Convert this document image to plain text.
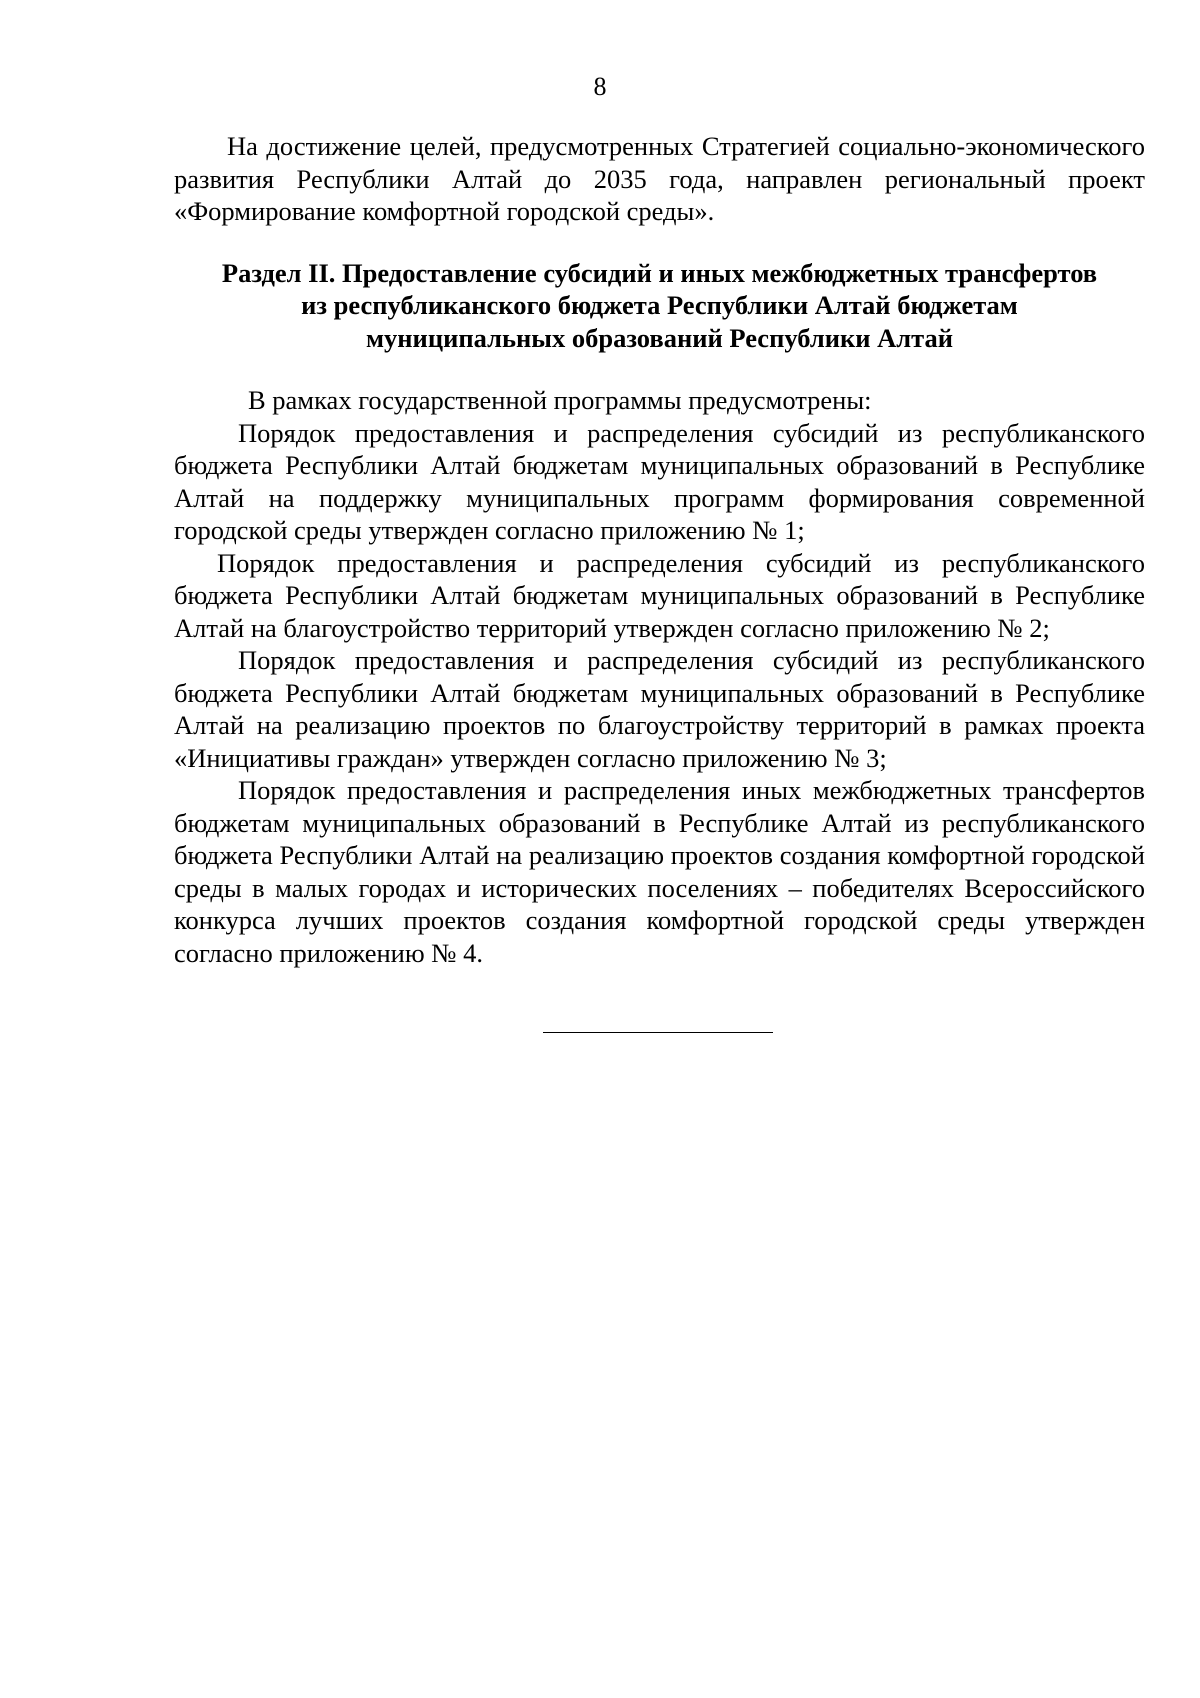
8

На достижение целей, предусмотренных Стратегией социально-экономического развития Республики Алтай до 2035 года, направлен региональный проект «Формирование комфортной городской среды».

Раздел II. Предоставление субсидий и иных межбюджетных трансфертов
из республиканского бюджета Республики Алтай бюджетам
муниципальных образований Республики Алтай

В рамках государственной программы предусмотрены:

Порядок предоставления и распределения субсидий из республиканского бюджета Республики Алтай бюджетам муниципальных образований в Республике Алтай на поддержку муниципальных программ формирования современной городской среды утвержден согласно приложению № 1;

Порядок предоставления и распределения субсидий из республиканского бюджета Республики Алтай бюджетам муниципальных образований в Республике Алтай на благоустройство территорий утвержден согласно приложению № 2;

Порядок предоставления и распределения субсидий из республиканского бюджета Республики Алтай бюджетам муниципальных образований в Республике Алтай на реализацию проектов по благоустройству территорий в рамках проекта «Инициативы граждан» утвержден согласно приложению № 3;

Порядок предоставления и распределения иных межбюджетных трансфертов бюджетам муниципальных образований в Республике Алтай из республиканского бюджета Республики Алтай на реализацию проектов создания комфортной городской среды в малых городах и исторических поселениях – победителях Всероссийского конкурса лучших проектов создания комфортной городской среды утвержден согласно приложению № 4.
